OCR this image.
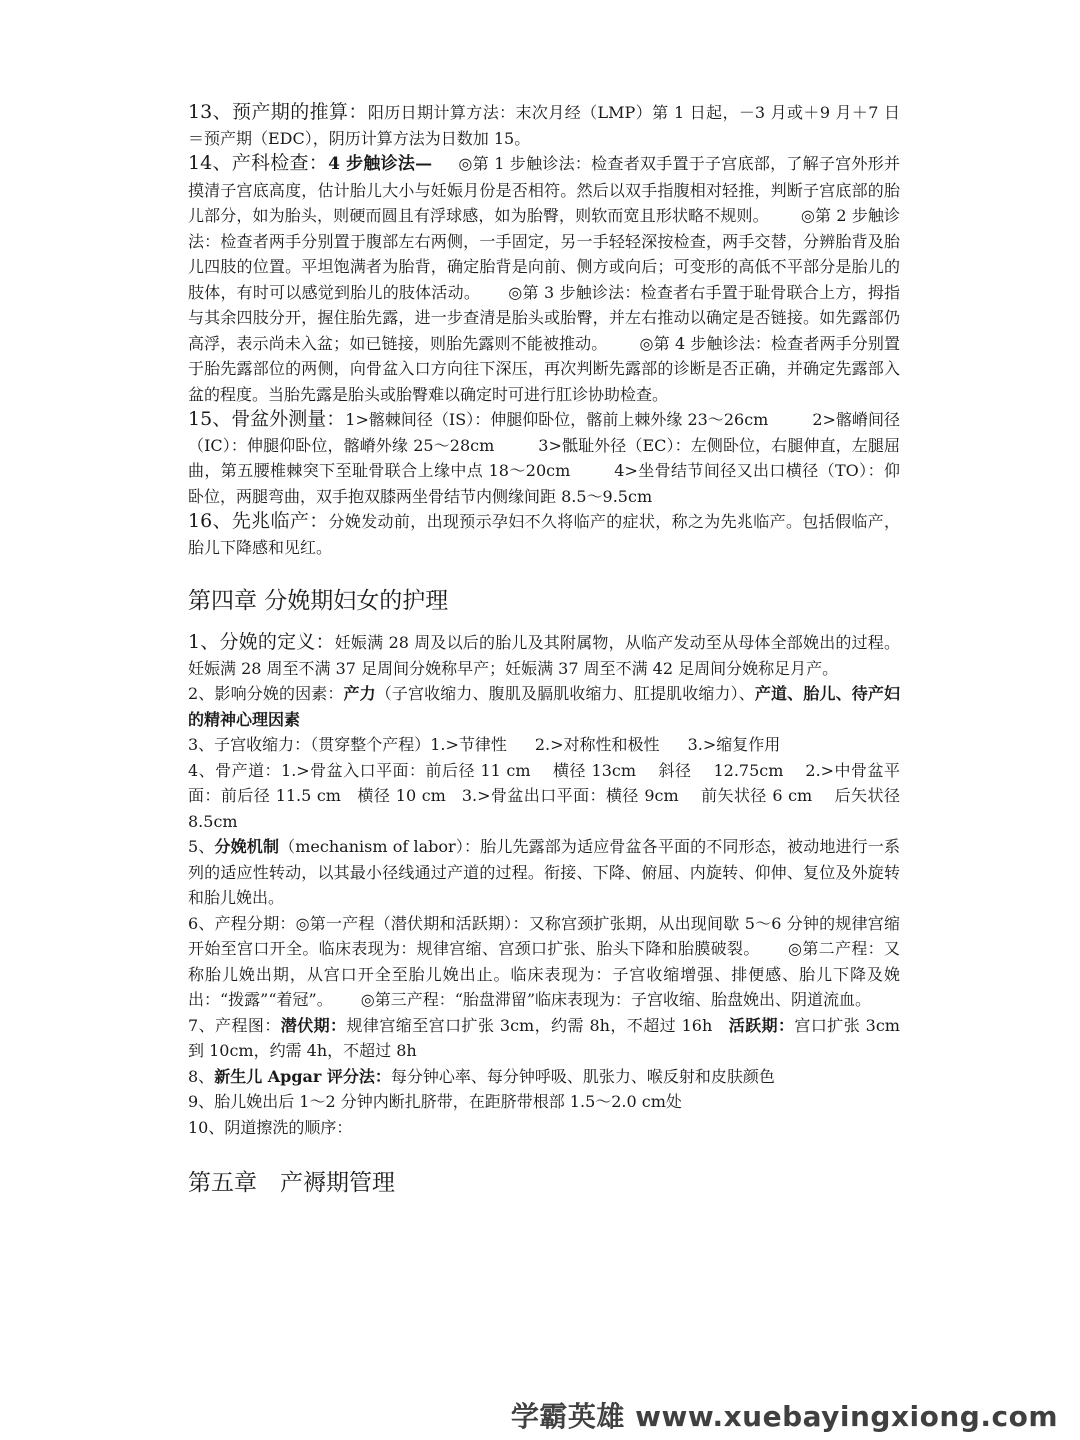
13、预产期的推算：阳历日期计算方法：末次月经（LMP）第 1 日起，－3 月或＋9 月＋7 日＝预产期（EDC），阴历计算方法为日数加 15。

14、产科检查：4 步触诊法— ◎第 1 步触诊法：检查者双手置于子宫底部，了解子宫外形并摸清子宫底高度，估计胎儿大小与妊娠月份是否相符。然后以双手指腹相对轻推，判断子宫底部的胎儿部分，如为胎头，则硬而圆且有浮球感，如为胎臀，则软而宽且形状略不规则。 ◎第 2 步触诊法：检查者两手分别置于腹部左右两侧，一手固定，另一手轻轻深按检查，两手交替，分辨胎背及胎儿四肢的位置。平坦饱满者为胎背，确定胎背是向前、侧方或向后；可变形的高低不平部分是胎儿的肢体，有时可以感觉到胎儿的肢体活动。 ◎第 3 步触诊法：检查者右手置于耻骨联合上方，拇指与其余四肢分开，握住胎先露，进一步查清是胎头或胎臀，并左右推动以确定是否链接。如先露部仍高浮，表示尚未入盆；如已链接，则胎先露则不能被推动。 ◎第 4 步触诊法：检查者两手分别置于胎先露部位的两侧，向骨盆入口方向往下深压，再次判断先露部的诊断是否正确，并确定先露部入盆的程度。当胎先露是胎头或胎臀难以确定时可进行肛诊协助检查。

15、骨盆外测量：1>髂棘间径（IS）：伸腿仰卧位，髂前上棘外缘 23～26cm	2>髂嵴间径（IC）：伸腿仰卧位，髂嵴外缘 25～28cm	3>骶耻外径（EC）：左侧卧位，右腿伸直，左腿屈曲，第五腰椎棘突下至耻骨联合上缘中点 18～20cm	4>坐骨结节间径又出口横径（TO）：仰卧位，两腿弯曲，双手抱双膝两坐骨结节内侧缘间距 8.5～9.5cm

16、先兆临产：分娩发动前，出现预示孕妇不久将临产的症状，称之为先兆临产。包括假临产，胎儿下降感和见红。

第四章 分娩期妇女的护理

1、分娩的定义：妊娠满 28 周及以后的胎儿及其附属物，从临产发动至从母体全部娩出的过程。妊娠满 28 周至不满 37 足周间分娩称早产；妊娠满 37 周至不满 42 足周间分娩称足月产。

2、影响分娩的因素：产力（子宫收缩力、腹肌及膈肌收缩力、肛提肌收缩力）、产道、胎儿、待产妇的精神心理因素

3、子宫收缩力：（贯穿整个产程）1.>节律性 2.>对称性和极性 3.>缩复作用

4、骨产道：1.>骨盆入口平面：前后径 11 cm 横径 13cm 斜径 12.75cm 2.>中骨盆平面：前后径 11.5 cm 横径 10 cm 3.>骨盆出口平面：横径 9cm 前矢状径 6 cm 后矢状径 8.5cm

5、分娩机制（mechanism of labor）：胎儿先露部为适应骨盆各平面的不同形态，被动地进行一系列的适应性转动，以其最小径线通过产道的过程。衔接、下降、俯屈、内旋转、仰伸、复位及外旋转和胎儿娩出。

6、产程分期：◎第一产程（潜伏期和活跃期）：又称宫颈扩张期，从出现间歇 5～6 分钟的规律宫缩开始至宫口开全。临床表现为：规律宫缩、宫颈口扩张、胎头下降和胎膜破裂。 ◎第二产程：又称胎儿娩出期，从宫口开全至胎儿娩出止。临床表现为：子宫收缩增强、排便感、胎儿下降及娩出：“拨露”“着冠”。 ◎第三产程：“胎盘滞留”临床表现为：子宫收缩、胎盘娩出、阴道流血。

7、产程图：潜伏期：规律宫缩至宫口扩张 3cm，约需 8h，不超过 16h 活跃期：宫口扩张 3cm 到 10cm，约需 4h，不超过 8h

8、新生儿 Apgar 评分法：每分钟心率、每分钟呼吸、肌张力、喉反射和皮肤颜色

9、胎儿娩出后 1～2 分钟内断扎脐带，在距脐带根部 1.5～2.0 cm处

10、阴道擦洗的顺序：

第五章　产褥期管理
学霸英雄 www.xuebayingxiong.com
